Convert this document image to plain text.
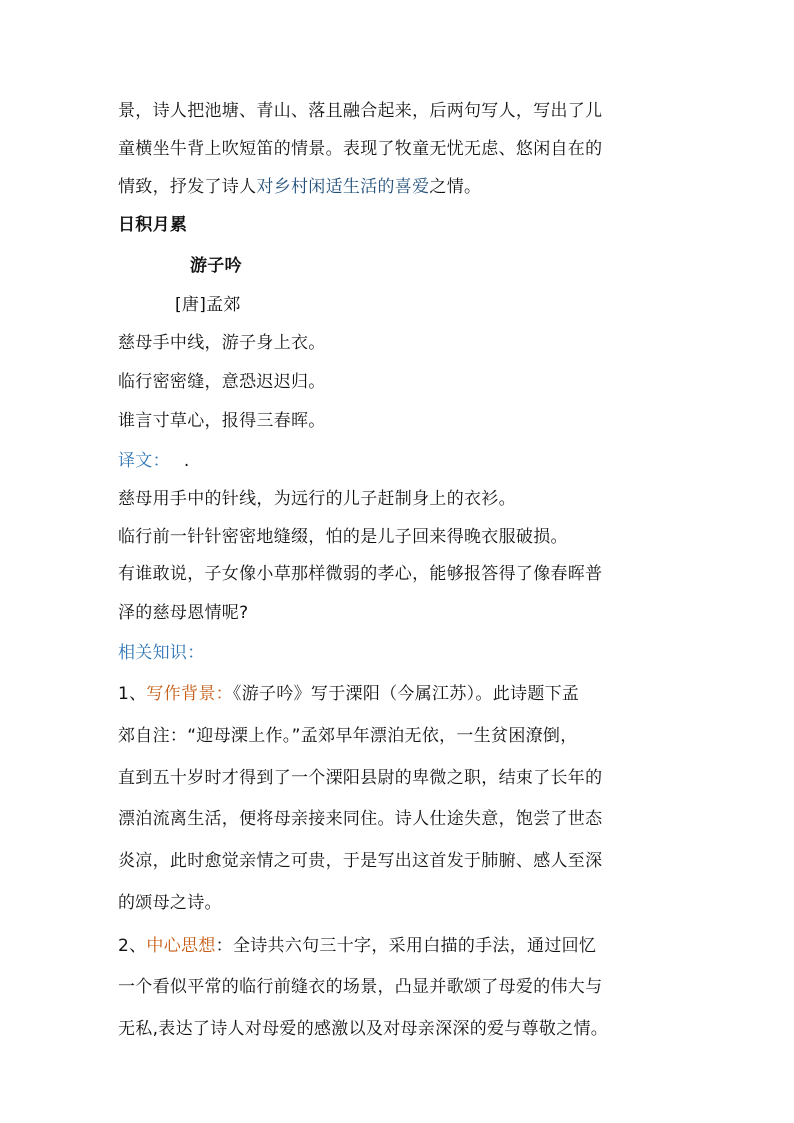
景，诗人把池塘、青山、落且融合起来，后两句写人，写出了儿
童横坐牛背上吹短笛的情景。表现了牧童无忧无虑、悠闲自在的
情致，抒发了诗人对乡村闲适生活的喜爱之情。
日积月累
游子吟
[唐]孟郊
慈母手中线，游子身上衣。
临行密密缝，意恐迟迟归。
谁言寸草心，报得三春晖。
译文： .
慈母用手中的针线，为远行的儿子赶制身上的衣衫。
临行前一针针密密地缝缀，怕的是儿子回来得晚衣服破损。
有谁敢说，子女像小草那样微弱的孝心，能够报答得了像春晖普
泽的慈母恩情呢?
相关知识：
1、写作背景：《游子吟》写于溧阳（今属江苏）。此诗题下孟
郊自注：“迎母溧上作。”孟郊早年漂泊无依，一生贫困潦倒，
直到五十岁时才得到了一个溧阳县尉的卑微之职，结束了长年的
漂泊流离生活，便将母亲接来同住。诗人仕途失意，饱尝了世态
炎凉，此时愈觉亲情之可贵，于是写出这首发于肺腑、感人至深
的颂母之诗。
2、中心思想：全诗共六句三十字，采用白描的手法，通过回忆
一个看似平常的临行前缝衣的场景，凸显并歌颂了母爱的伟大与
无私,表达了诗人对母爱的感激以及对母亲深深的爱与尊敬之情。
